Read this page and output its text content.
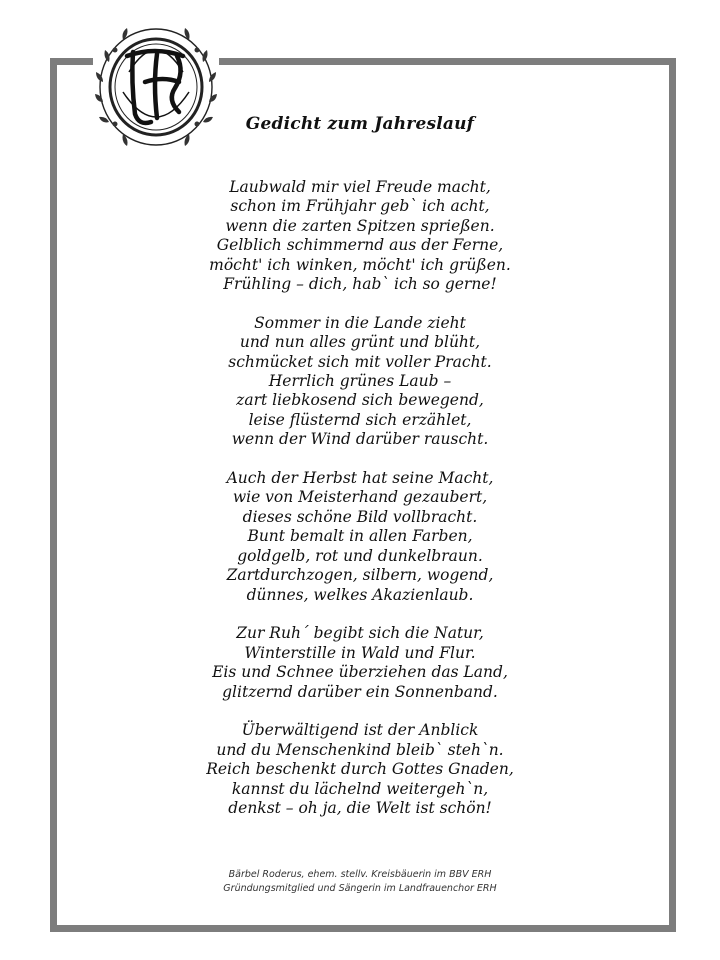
Gedicht zum Jahreslauf
Laubwald mir viel Freude macht,
schon im Frühjahr geb` ich acht,
wenn die zarten Spitzen sprießen.
Gelblich schimmernd aus der Ferne,
möcht' ich winken, möcht' ich grüßen.
Frühling – dich, hab` ich so gerne!
Sommer in die Lande zieht
und nun alles grünt und blüht,
schmücket sich mit voller Pracht.
Herrlich grünes Laub –
zart liebkosend sich bewegend,
leise flüsternd sich erzählet,
wenn der Wind darüber rauscht.
Auch der Herbst hat seine Macht,
wie von Meisterhand gezaubert,
dieses schöne Bild vollbracht.
Bunt bemalt in allen Farben,
goldgelb, rot und dunkelbraun.
Zartdurchzogen, silbern, wogend,
dünnes, welkes Akazienlaub.
Zur Ruh´ begibt sich die Natur,
Winterstille in Wald und Flur.
Eis und Schnee überziehen das Land,
glitzernd darüber ein Sonnenband.
Überwältigend ist der Anblick
und du Menschenkind bleib` steh`n.
Reich beschenkt durch Gottes Gnaden,
kannst du lächelnd weitergeh`n,
denkst – oh ja, die Welt ist schön!
Bärbel Roderus, ehem. stellv. Kreisbäuerin im BBV ERH
Gründungsmitglied und Sängerin im Landfrauenchor ERH
